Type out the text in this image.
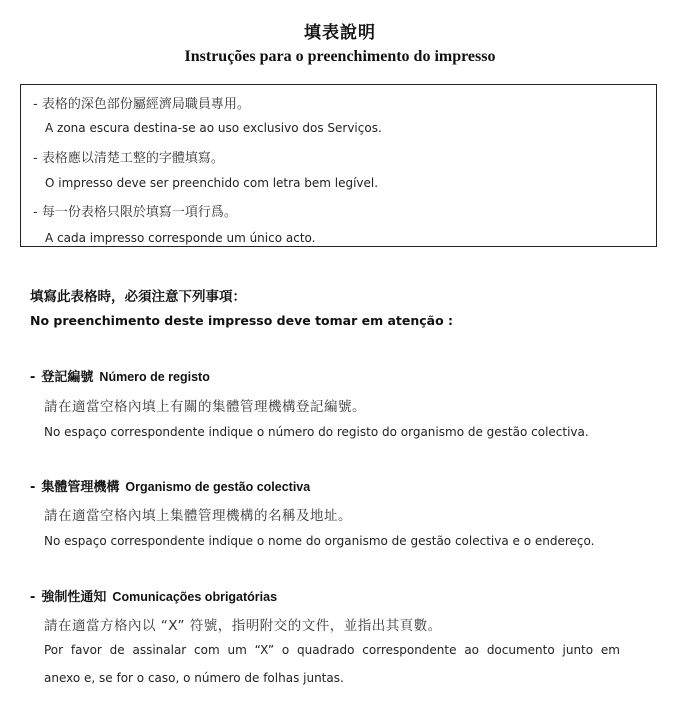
填表說明
Instruções para o preenchimento do impresso
- 表格的深色部份屬經濟局職員專用。
A zona escura destina-se ao uso exclusivo dos Serviços.
- 表格應以清楚工整的字體填寫。
O impresso deve ser preenchido com letra bem legível.
- 每一份表格只限於填寫一項行爲。
A cada impresso corresponde um único acto.
填寫此表格時，必須注意下列事項：
No preenchimento deste impresso deve tomar em atenção :
- 登記編號 Número de registo
請在適當空格內填上有關的集體管理機構登記編號。
No espaço correspondente indique o número do registo do organismo de gestão colectiva.
- 集體管理機構 Organismo de gestão colectiva
請在適當空格內填上集體管理機構的名稱及地址。
No espaço correspondente indique o nome do organismo de gestão colectiva e o endereço.
- 強制性通知 Comunicações obrigatórias
請在適當方格內以 “X” 符號，指明附交的文件，並指出其頁數。
Por favor de assinalar com um “X” o quadrado correspondente ao documento junto em
anexo e, se for o caso, o número de folhas juntas.
